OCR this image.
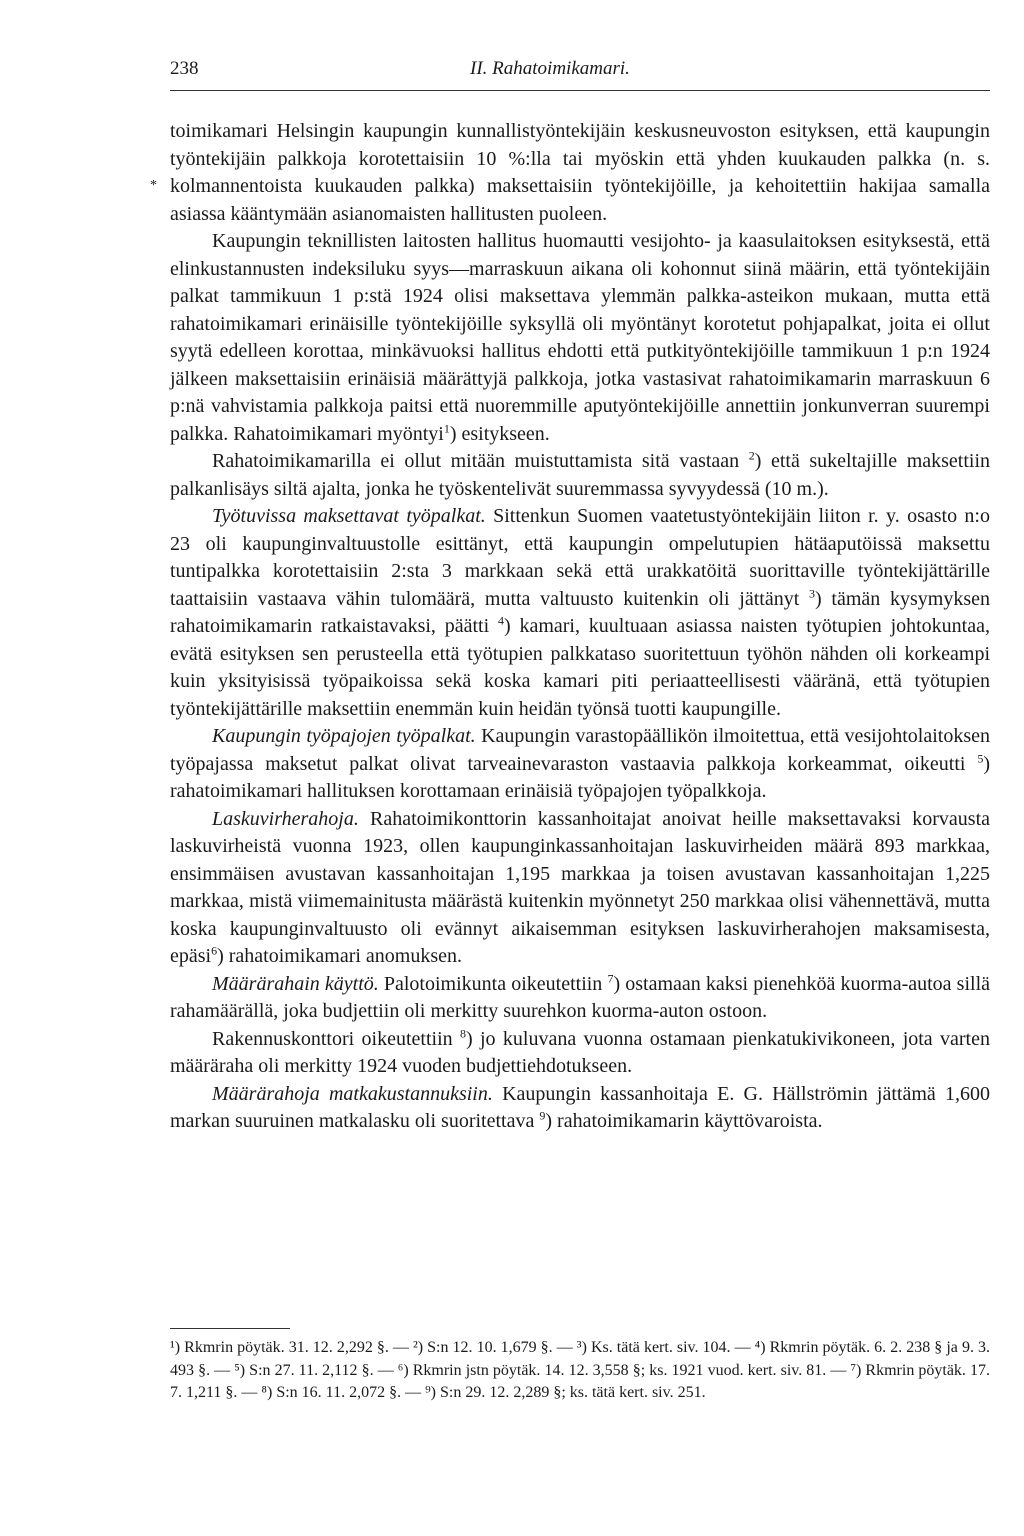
238	II. Rahatoimikamari.
*

toimikamari Helsingin kaupungin kunnallistyöntekijäin keskusneuvoston esityksen, että kaupungin työntekijäin palkkoja korotettaisiin 10 %:lla tai myöskin että yhden kuukauden palkka (n. s. kolmannentoista kuukauden palkka) maksettaisiin työntekijöille, ja kehoitettiin hakijaa samalla asiassa kääntymään asianomaisten hallitusten puoleen.

Kaupungin teknillisten laitosten hallitus huomautti vesijohto- ja kaasulaitoksen esityksestä, että elinkustannusten indeksiluku syys—marraskuun aikana oli kohonnut siinä määrin, että työntekijäin palkat tammikuun 1 p:stä 1924 olisi maksettava ylemmän palkka-asteikon mukaan, mutta että rahatoimikamari erinäisille työntekijöille syksyllä oli myöntänyt korotetut pohjapalkat, joita ei ollut syytä edelleen korottaa, minkävuoksi hallitus ehdotti että putkityöntekijöille tammikuun 1 p:n 1924 jälkeen maksettaisiin erinäisiä määrättyjä palkkoja, jotka vastasivat rahatoimikamarin marraskuun 6 p:nä vahvistamia palkkoja paitsi että nuoremmille aputyöntekijöille annettiin jonkunverran suurempi palkka. Rahatoimikamari myöntyi$^1$) esitykseen.

Rahatoimikamarilla ei ollut mitään muistuttamista sitä vastaan $^2$) että sukeltajille maksettiin palkanlisäys siltä ajalta, jonka he työskentelivät suuremmassa syvyydessä (10 m.).

Työtuvissa maksettavat työpalkat. Sittenkun Suomen vaatetustyöntekijäin liiton r. y. osasto n:o 23 oli kaupunginvaltuustolle esittänyt, että kaupungin ompelutupien hätäaputöissä maksettu tuntipalkka korotettaisiin 2:sta 3 markkaan sekä että urakkatöitä suorittaville työntekijättärille taattaisiin vastaava vähin tulomäärä, mutta valtuusto kuitenkin oli jättänyt $^3$) tämän kysymyksen rahatoimikamarin ratkaistavaksi, päätti $^4$) kamari, kuultuaan asiassa naisten työtupien johtokuntaa, evätä esityksen sen perusteella että työtupien palkkataso suoritettuun työhön nähden oli korkeampi kuin yksityisissä työpaikoissa sekä koska kamari piti periaatteellisesti vääränä, että työtupien työntekijättärille maksettiin enemmän kuin heidän työnsä tuotti kaupungille.

Kaupungin työpajojen työpalkat. Kaupungin varastopäällikön ilmoitettua, että vesijohtolaitoksen työpajassa maksetut palkat olivat tarveainevaraston vastaavia palkkoja korkeammat, oikeutti $^5$) rahatoimikamari hallituksen korottamaan erinäisiä työpajojen työpalkkoja.

Laskuvirherahoja. Rahatoimikonttorin kassanhoitajat anoivat heille maksettavaksi korvausta laskuvirheistä vuonna 1923, ollen kaupunginkassanhoitajan laskuvirheiden määrä 893 markkaa, ensimmäisen avustavan kassanhoitajan 1,195 markkaa ja toisen avustavan kassanhoitajan 1,225 markkaa, mistä viimemainitusta määrästä kuitenkin myönnetyt 250 markkaa olisi vähennettävä, mutta koska kaupunginvaltuusto oli evännyt aikaisemman esityksen laskuvirherahojen maksamisesta, epäsi$^6$) rahatoimikamari anomuksen.

Määrärahain käyttö. Palotoimikunta oikeutettiin $^7$) ostamaan kaksi pienehköä kuorma-autoa sillä rahamäärällä, joka budjettiin oli merkitty suurehkon kuorma-auton ostoon.

Rakennuskonttori oikeutettiin $^8$) jo kuluvana vuonna ostamaan pienkatukivikoneen, jota varten määräraha oli merkitty 1924 vuoden budjettiehdotukseen.

Määrärahoja matkakustannuksiin. Kaupungin kassanhoitaja E. G. Hällströmin jättämä 1,600 markan suuruinen matkalasku oli suoritettava $^9$) rahatoimikamarin käyttövaroista.

¹) Rkmrin pöytäk. 31. 12. 2,292 §. — ²) S:n 12. 10. 1,679 §. — ³) Ks. tätä kert. siv. 104. — ⁴) Rkmrin pöytäk. 6. 2. 238 § ja 9. 3. 493 §. — ⁵) S:n 27. 11. 2,112 §. — ⁶) Rkmrin jstn pöytäk. 14. 12. 3,558 §; ks. 1921 vuod. kert. siv. 81. — ⁷) Rkmrin pöytäk. 17. 7. 1,211 §. — ⁸) S:n 16. 11. 2,072 §. — ⁹) S:n 29. 12. 2,289 §; ks. tätä kert. siv. 251.
